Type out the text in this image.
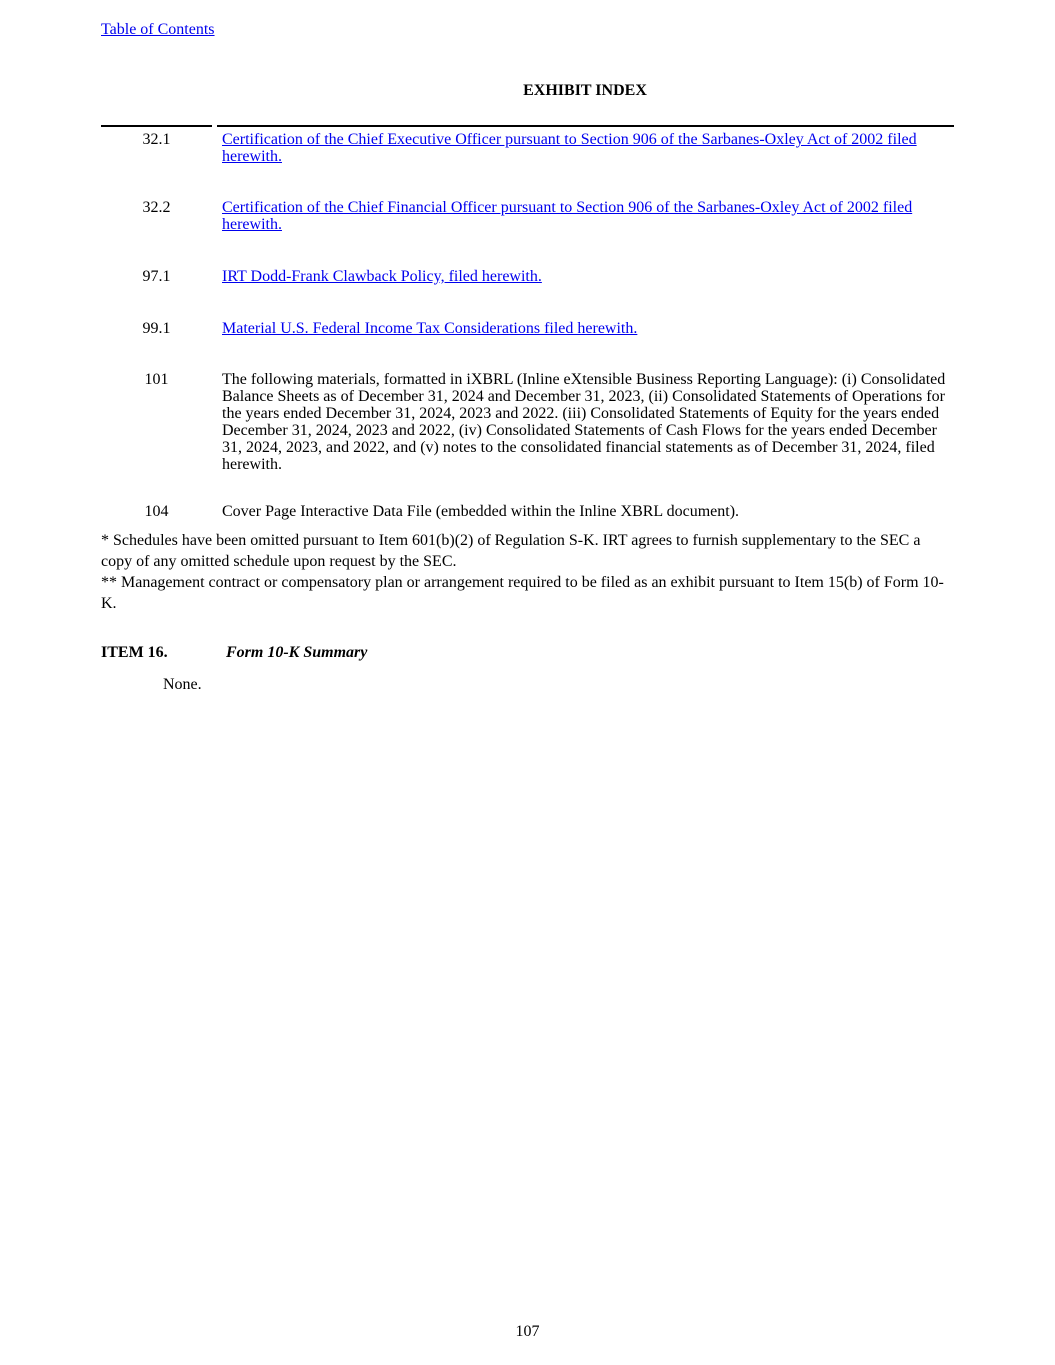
Table of Contents
EXHIBIT INDEX
32.1	Certification of the Chief Executive Officer pursuant to Section 906 of the Sarbanes-Oxley Act of 2002 filed herewith.
32.2	Certification of the Chief Financial Officer pursuant to Section 906 of the Sarbanes-Oxley Act of 2002 filed herewith.
97.1	IRT Dodd-Frank Clawback Policy, filed herewith.
99.1	Material U.S. Federal Income Tax Considerations filed herewith.
101	The following materials, formatted in iXBRL (Inline eXtensible Business Reporting Language): (i) Consolidated Balance Sheets as of December 31, 2024 and December 31, 2023, (ii) Consolidated Statements of Operations for the years ended December 31, 2024, 2023 and 2022. (iii) Consolidated Statements of Equity for the years ended December 31, 2024, 2023 and 2022, (iv) Consolidated Statements of Cash Flows for the years ended December 31, 2024, 2023, and 2022, and (v) notes to the consolidated financial statements as of December 31, 2024, filed herewith.
104	Cover Page Interactive Data File (embedded within the Inline XBRL document).

* Schedules have been omitted pursuant to Item 601(b)(2) of Regulation S-K. IRT agrees to furnish supplementary to the SEC a copy of any omitted schedule upon request by the SEC.

** Management contract or compensatory plan or arrangement required to be filed as an exhibit pursuant to Item 15(b) of Form 10-K.

ITEM 16.	Form 10-K Summary
None.
107
